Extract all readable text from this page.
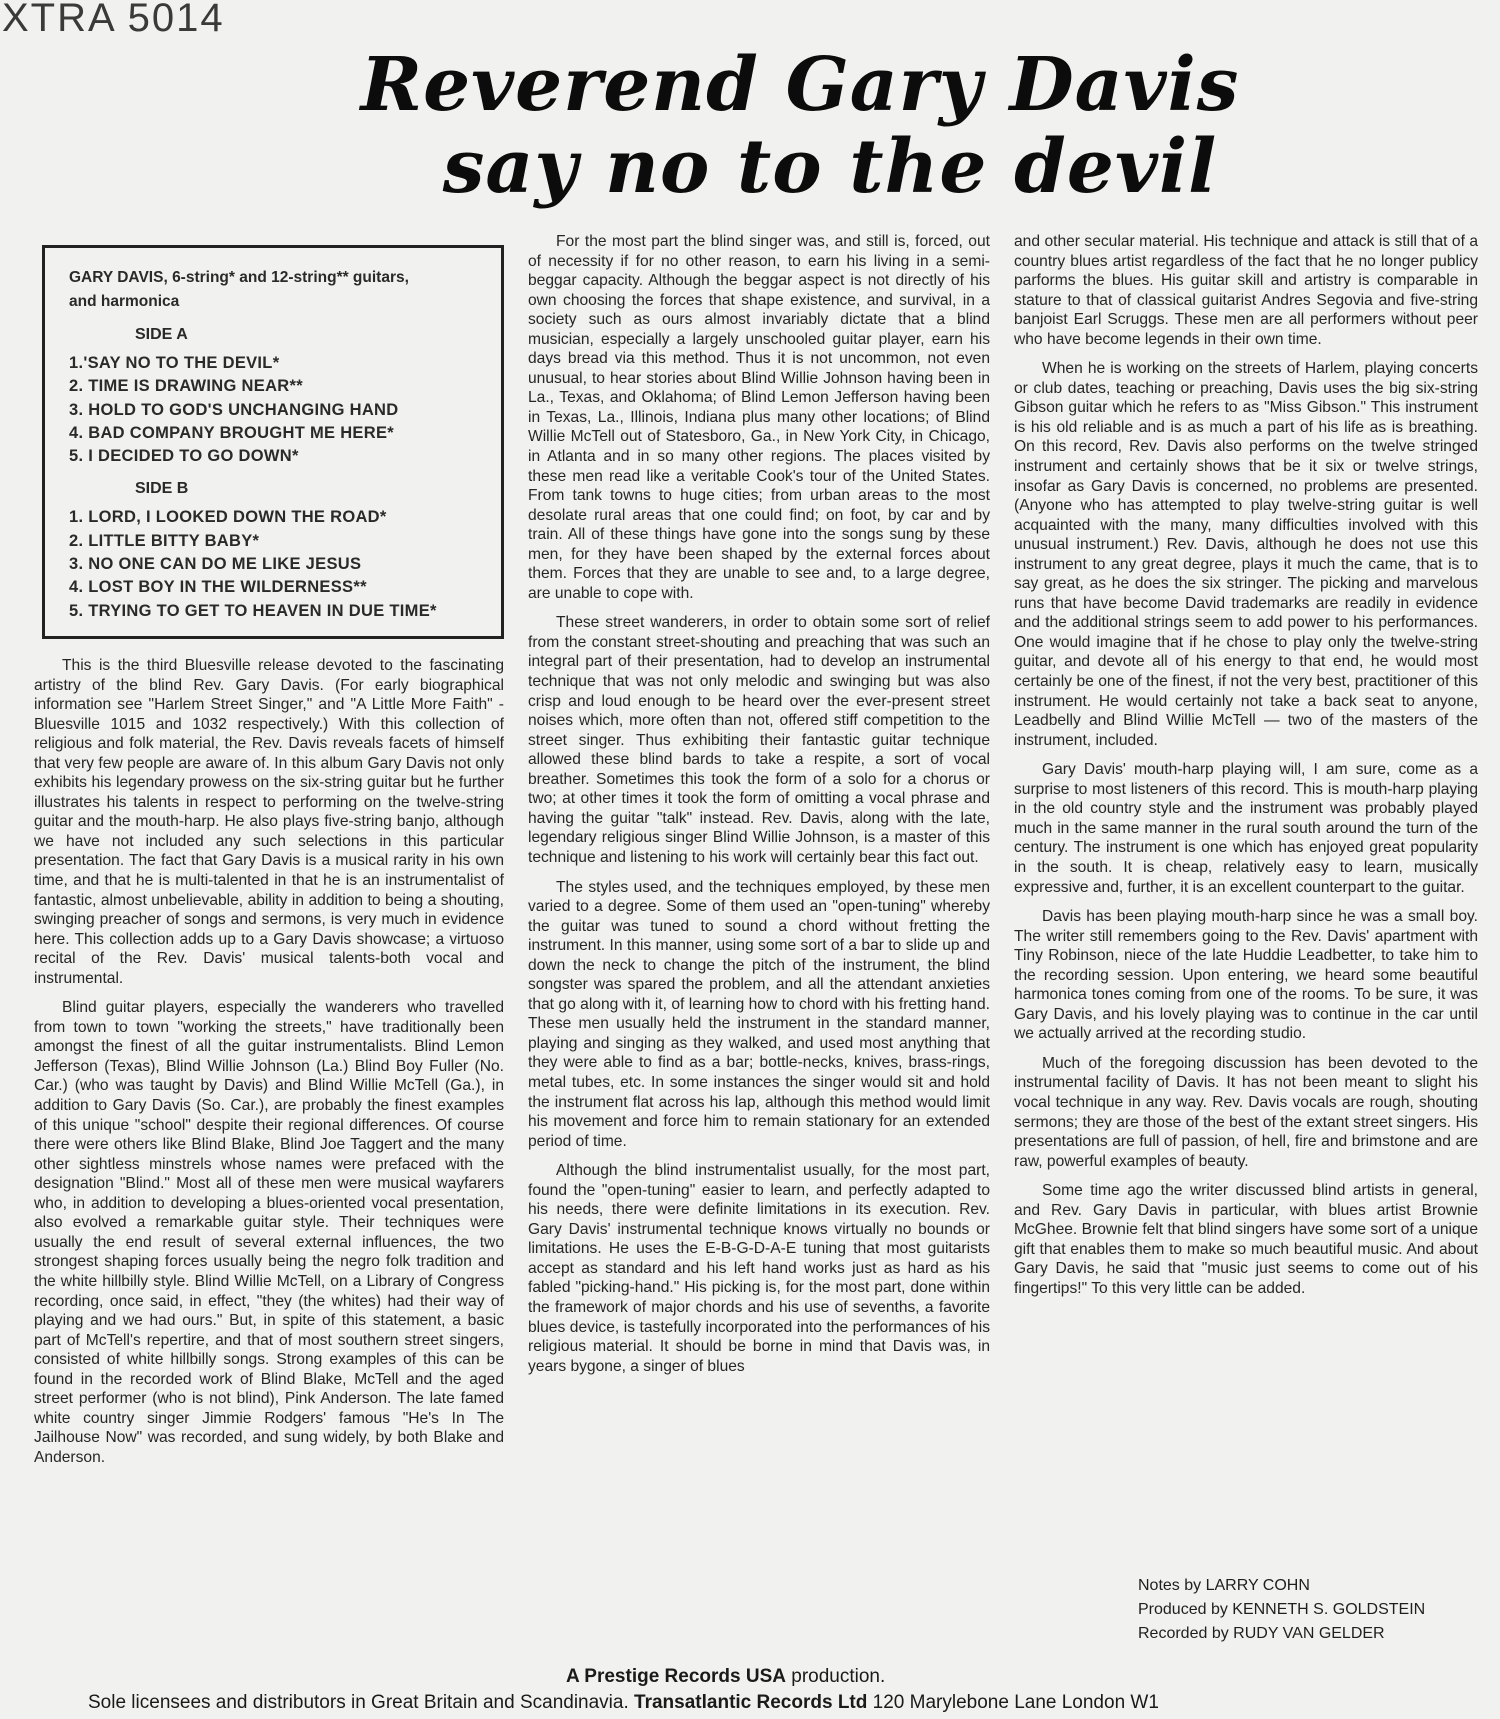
XTRA 5014
Reverend Gary Davis
say no to the devil
GARY DAVIS, 6-string* and 12-string** guitars, and harmonica
SIDE A
1.'SAY NO TO THE DEVIL*
2. TIME IS DRAWING NEAR**
3. HOLD TO GOD'S UNCHANGING HAND
4. BAD COMPANY BROUGHT ME HERE*
5. I DECIDED TO GO DOWN*
SIDE B
1. LORD, I LOOKED DOWN THE ROAD*
2. LITTLE BITTY BABY*
3. NO ONE CAN DO ME LIKE JESUS
4. LOST BOY IN THE WILDERNESS**
5. TRYING TO GET TO HEAVEN IN DUE TIME*

This is the third Bluesville release devoted to the fascinating artistry of the blind Rev. Gary Davis. (For early biographical information see "Harlem Street Singer," and "A Little More Faith" - Bluesville 1015 and 1032 respectively.) With this collection of religious and folk material, the Rev. Davis reveals facets of himself that very few people are aware of. In this album Gary Davis not only exhibits his legendary prowess on the six-string guitar but he further illustrates his talents in respect to performing on the twelve-string guitar and the mouth-harp. He also plays five-string banjo, although we have not included any such selections in this particular presentation. The fact that Gary Davis is a musical rarity in his own time, and that he is multi-talented in that he is an instrumentalist of fantastic, almost unbelievable, ability in addition to being a shouting, swinging preacher of songs and sermons, is very much in evidence here. This collection adds up to a Gary Davis showcase; a virtuoso recital of the Rev. Davis' musical talents-both vocal and instrumental.

Blind guitar players, especially the wanderers who travelled from town to town "working the streets," have traditionally been amongst the finest of all the guitar instrumentalists. Blind Lemon Jefferson (Texas), Blind Willie Johnson (La.) Blind Boy Fuller (No. Car.) (who was taught by Davis) and Blind Willie McTell (Ga.), in addition to Gary Davis (So. Car.), are probably the finest examples of this unique "school" despite their regional differences. Of course there were others like Blind Blake, Blind Joe Taggert and the many other sightless minstrels whose names were prefaced with the designation "Blind." Most all of these men were musical wayfarers who, in addition to developing a blues-oriented vocal presentation, also evolved a remarkable guitar style. Their techniques were usually the end result of several external influences, the two strongest shaping forces usually being the negro folk tradition and the white hillbilly style. Blind Willie McTell, on a Library of Congress recording, once said, in effect, "they (the whites) had their way of playing and we had ours." But, in spite of this statement, a basic part of McTell's repertire, and that of most southern street singers, consisted of white hillbilly songs. Strong examples of this can be found in the recorded work of Blind Blake, McTell and the aged street performer (who is not blind), Pink Anderson. The late famed white country singer Jimmie Rodgers' famous "He's In The Jailhouse Now" was recorded, and sung widely, by both Blake and Anderson.

For the most part the blind singer was, and still is, forced, out of necessity if for no other reason, to earn his living in a semi-beggar capacity. Although the beggar aspect is not directly of his own choosing the forces that shape existence, and survival, in a society such as ours almost invariably dictate that a blind musician, especially a largely unschooled guitar player, earn his days bread via this method. Thus it is not uncommon, not even unusual, to hear stories about Blind Willie Johnson having been in La., Texas, and Oklahoma; of Blind Lemon Jefferson having been in Texas, La., Illinois, Indiana plus many other locations; of Blind Willie McTell out of Statesboro, Ga., in New York City, in Chicago, in Atlanta and in so many other regions. The places visited by these men read like a veritable Cook's tour of the United States. From tank towns to huge cities; from urban areas to the most desolate rural areas that one could find; on foot, by car and by train. All of these things have gone into the songs sung by these men, for they have been shaped by the external forces about them. Forces that they are unable to see and, to a large degree, are unable to cope with.

These street wanderers, in order to obtain some sort of relief from the constant street-shouting and preaching that was such an integral part of their presentation, had to develop an instrumental technique that was not only melodic and swinging but was also crisp and loud enough to be heard over the ever-present street noises which, more often than not, offered stiff competition to the street singer. Thus exhibiting their fantastic guitar technique allowed these blind bards to take a respite, a sort of vocal breather. Sometimes this took the form of a solo for a chorus or two; at other times it took the form of omitting a vocal phrase and having the guitar "talk" instead. Rev. Davis, along with the late, legendary religious singer Blind Willie Johnson, is a master of this technique and listening to his work will certainly bear this fact out.

The styles used, and the techniques employed, by these men varied to a degree. Some of them used an "open-tuning" whereby the guitar was tuned to sound a chord without fretting the instrument. In this manner, using some sort of a bar to slide up and down the neck to change the pitch of the instrument, the blind songster was spared the problem, and all the attendant anxieties that go along with it, of learning how to chord with his fretting hand. These men usually held the instrument in the standard manner, playing and singing as they walked, and used most anything that they were able to find as a bar; bottle-necks, knives, brass-rings, metal tubes, etc. In some instances the singer would sit and hold the instrument flat across his lap, although this method would limit his movement and force him to remain stationary for an extended period of time.

Although the blind instrumentalist usually, for the most part, found the "open-tuning" easier to learn, and perfectly adapted to his needs, there were definite limitations in its execution. Rev. Gary Davis' instrumental technique knows virtually no bounds or limitations. He uses the E-B-G-D-A-E tuning that most guitarists accept as standard and his left hand works just as hard as his fabled "picking-hand." His picking is, for the most part, done within the framework of major chords and his use of sevenths, a favorite blues device, is tastefully incorporated into the performances of his religious material. It should be borne in mind that Davis was, in years bygone, a singer of blues

and other secular material. His technique and attack is still that of a country blues artist regardless of the fact that he no longer publicy parforms the blues. His guitar skill and artistry is comparable in stature to that of classical guitarist Andres Segovia and five-string banjoist Earl Scruggs. These men are all performers without peer who have become legends in their own time.

When he is working on the streets of Harlem, playing concerts or club dates, teaching or preaching, Davis uses the big six-string Gibson guitar which he refers to as "Miss Gibson." This instrument is his old reliable and is as much a part of his life as is breathing. On this record, Rev. Davis also performs on the twelve stringed instrument and certainly shows that be it six or twelve strings, insofar as Gary Davis is concerned, no problems are presented. (Anyone who has attempted to play twelve-string guitar is well acquainted with the many, many difficulties involved with this unusual instrument.) Rev. Davis, although he does not use this instrument to any great degree, plays it much the came, that is to say great, as he does the six stringer. The picking and marvelous runs that have become David trademarks are readily in evidence and the additional strings seem to add power to his performances. One would imagine that if he chose to play only the twelve-string guitar, and devote all of his energy to that end, he would most certainly be one of the finest, if not the very best, practitioner of this instrument. He would certainly not take a back seat to anyone, Leadbelly and Blind Willie McTell — two of the masters of the instrument, included.

Gary Davis' mouth-harp playing will, I am sure, come as a surprise to most listeners of this record. This is mouth-harp playing in the old country style and the instrument was probably played much in the same manner in the rural south around the turn of the century. The instrument is one which has enjoyed great popularity in the south. It is cheap, relatively easy to learn, musically expressive and, further, it is an excellent counterpart to the guitar.

Davis has been playing mouth-harp since he was a small boy. The writer still remembers going to the Rev. Davis' apartment with Tiny Robinson, niece of the late Huddie Leadbetter, to take him to the recording session. Upon entering, we heard some beautiful harmonica tones coming from one of the rooms. To be sure, it was Gary Davis, and his lovely playing was to continue in the car until we actually arrived at the recording studio.

Much of the foregoing discussion has been devoted to the instrumental facility of Davis. It has not been meant to slight his vocal technique in any way. Rev. Davis vocals are rough, shouting sermons; they are those of the best of the extant street singers. His presentations are full of passion, of hell, fire and brimstone and are raw, powerful examples of beauty.

Some time ago the writer discussed blind artists in general, and Rev. Gary Davis in particular, with blues artist Brownie McGhee. Brownie felt that blind singers have some sort of a unique gift that enables them to make so much beautiful music. And about Gary Davis, he said that "music just seems to come out of his fingertips!" To this very little can be added.

Notes by LARRY COHN
Produced by KENNETH S. GOLDSTEIN
Recorded by RUDY VAN GELDER
A Prestige Records USA production.
Sole licensees and distributors in Great Britain and Scandinavia. Transatlantic Records Ltd 120 Marylebone Lane London W1
